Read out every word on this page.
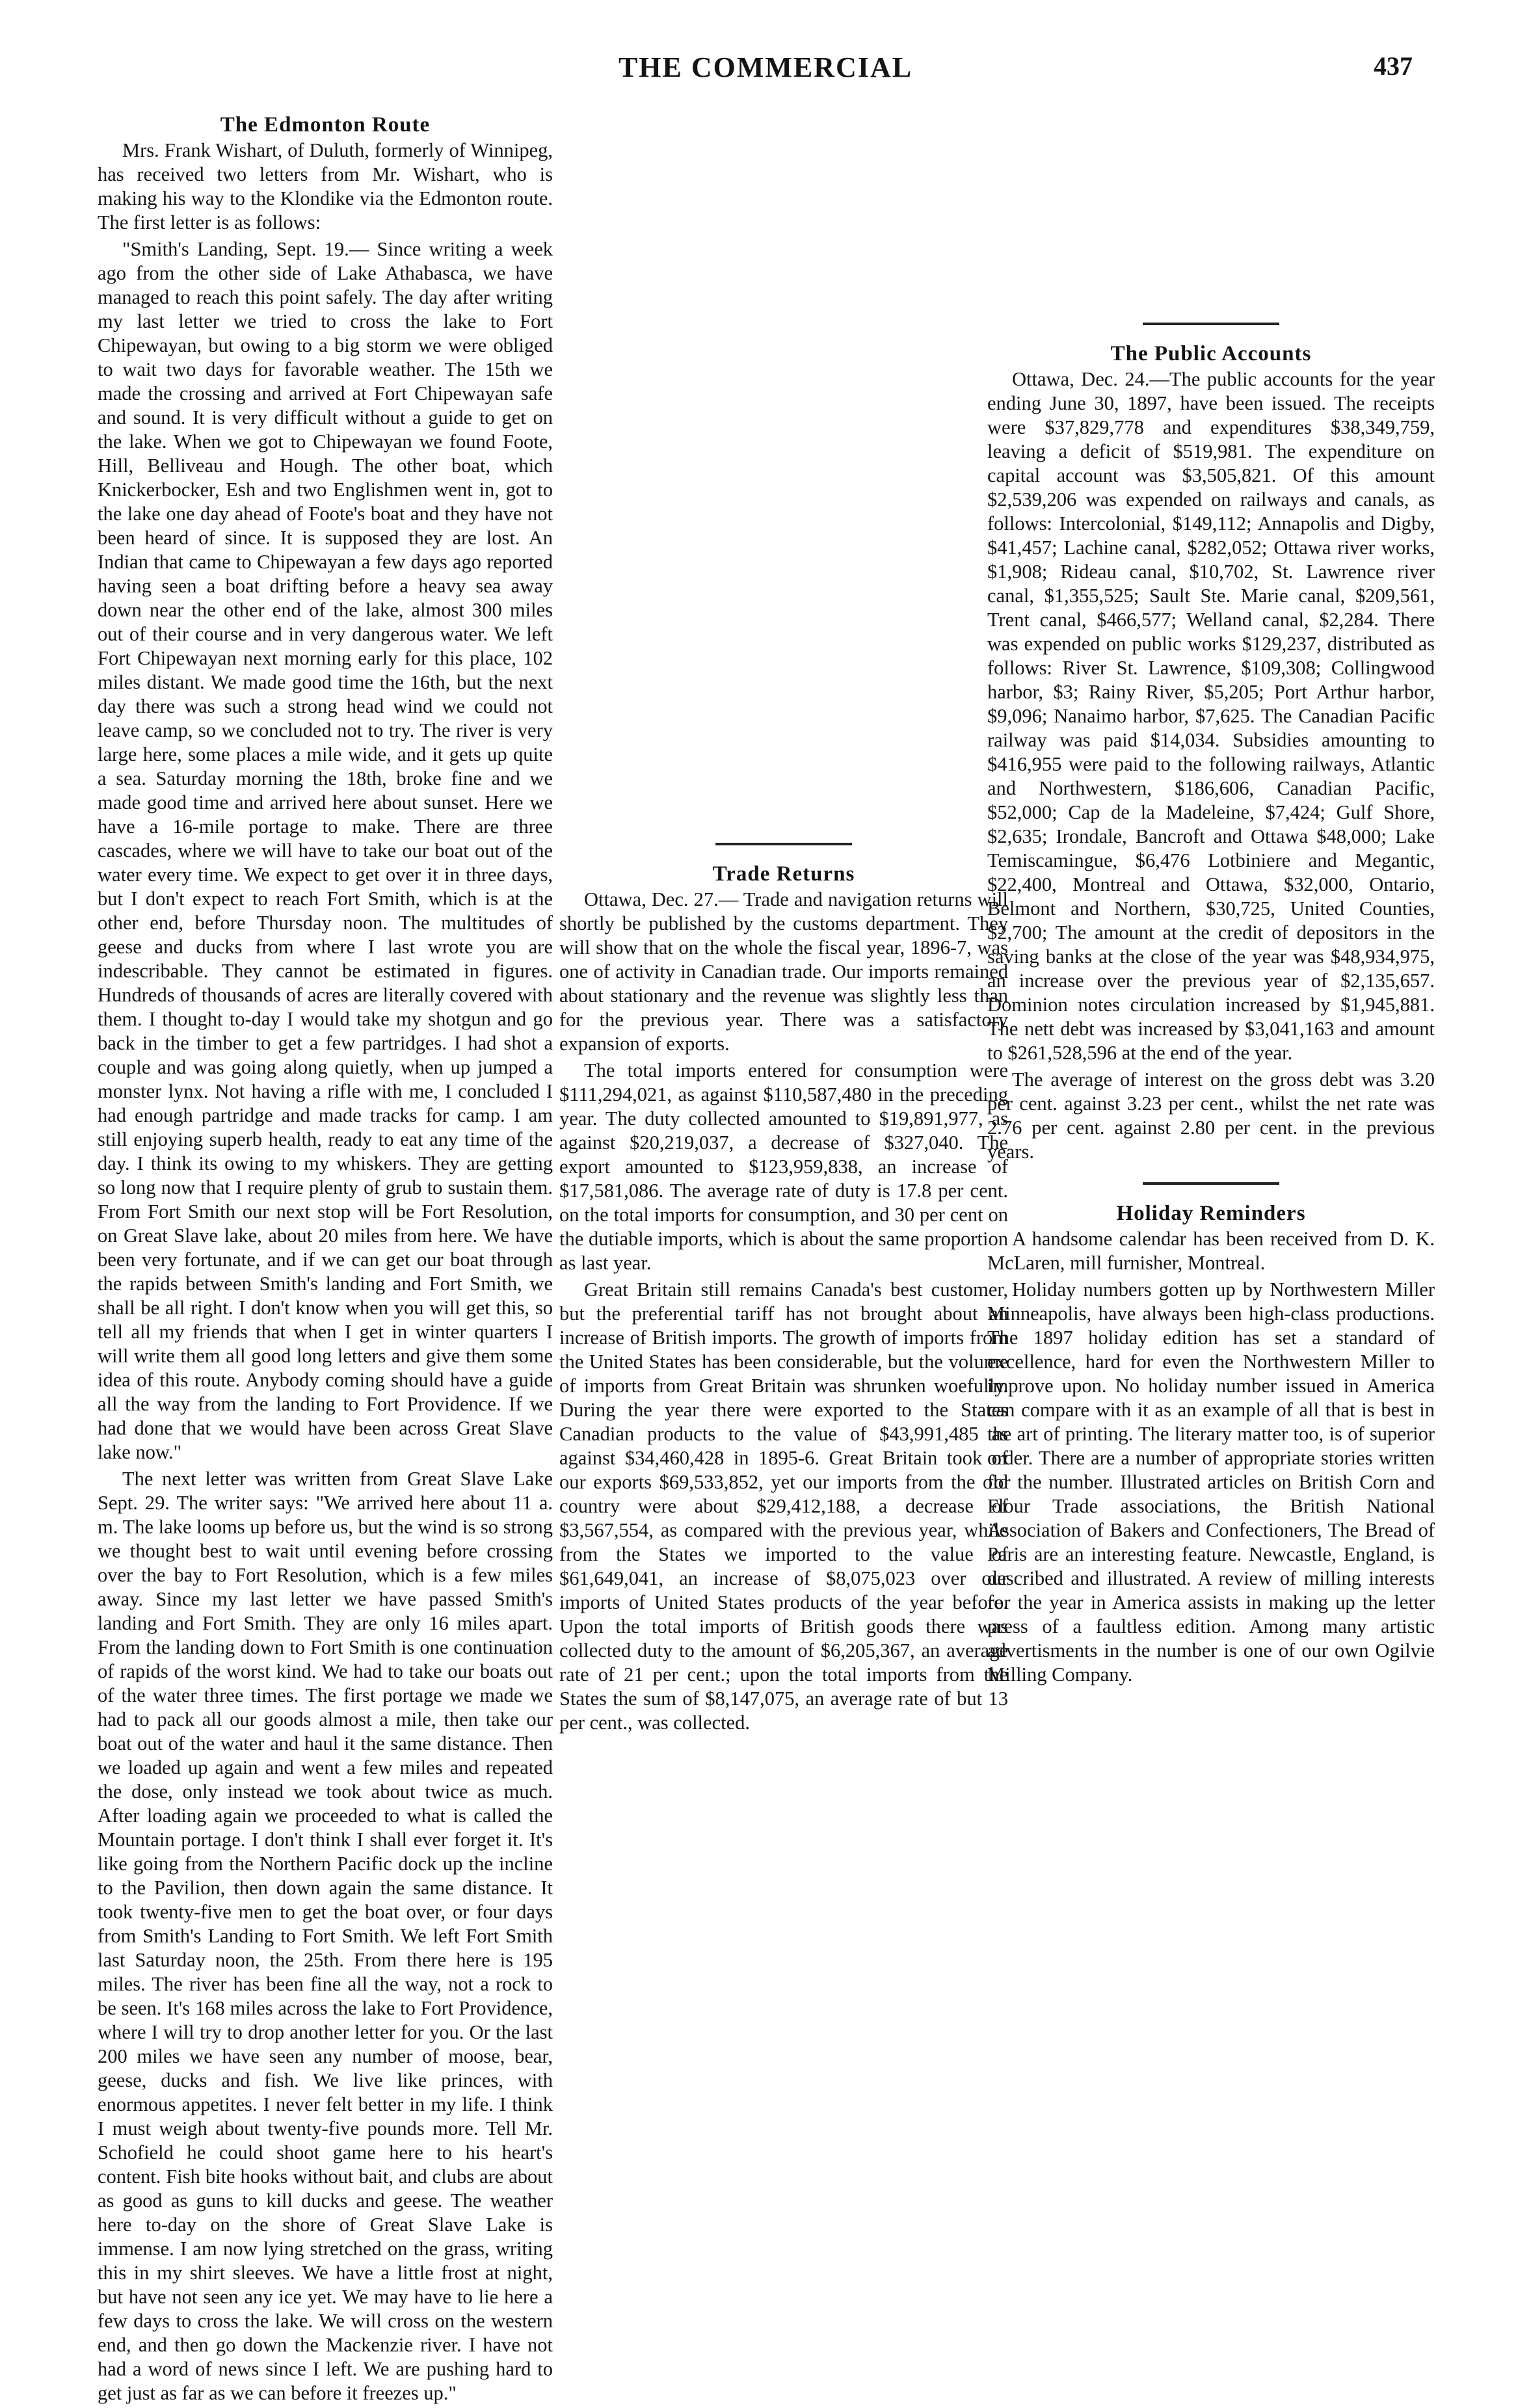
THE COMMERCIAL	437
The Edmonton Route

Mrs. Frank Wishart, of Duluth, formerly of Winnipeg, has received two letters from Mr. Wishart, who is making his way to the Klondike via the Edmonton route. The first letter is as follows:

"Smith's Landing, Sept. 19.— Since writing a week ago from the other side of Lake Athabasca, we have managed to reach this point safely. The day after writing my last letter we tried to cross the lake to Fort Chipewayan, but owing to a big storm we were obliged to wait two days for favorable weather. The 15th we made the crossing and arrived at Fort Chipewayan safe and sound. It is very difficult without a guide to get on the lake. When we got to Chipewayan we found Foote, Hill, Belliveau and Hough. The other boat, which Knickerbocker, Esh and two Englishmen went in, got to the lake one day ahead of Foote's boat and they have not been heard of since. It is supposed they are lost. An Indian that came to Chipewayan a few days ago reported having seen a boat drifting before a heavy sea away down near the other end of the lake, almost 300 miles out of their course and in very dangerous water. We left Fort Chipewayan next morning early for this place, 102 miles distant. We made good time the 16th, but the next day there was such a strong head wind we could not leave camp, so we concluded not to try. The river is very large here, some places a mile wide, and it gets up quite a sea. Saturday morning the 18th, broke fine and we made good time and arrived here about sunset. Here we have a 16-mile portage to make. There are three cascades, where we will have to take our boat out of the water every time. We expect to get over it in three days, but I don't expect to reach Fort Smith, which is at the other end, before Thursday noon. The multitudes of geese and ducks from where I last wrote you are indescribable. They cannot be estimated in figures. Hundreds of thousands of acres are literally covered with them. I thought to-day I would take my shotgun and go back in the timber to get a few partridges. I had shot a couple and was going along quietly, when up jumped a monster lynx. Not having a rifle with me, I concluded I had enough partridge and made tracks for camp. I am still enjoying superb health, ready to eat any time of the day. I think its owing to my whiskers. They are getting so long now that I require plenty of grub to sustain them. From Fort Smith our next stop will be Fort Resolution, on Great Slave lake, about 20 miles from here. We have been very fortunate, and if we can get our boat through the rapids between Smith's landing and Fort Smith, we shall be all right. I don't know when you will get this, so tell all my friends that when I get in winter quarters I will write them all good long letters and give them some idea of this route. Anybody coming should have a guide all the way from the landing to Fort Providence. If we had done that we would have been across Great Slave lake now."

The next letter was written from Great Slave Lake Sept. 29. The writer says: "We arrived here about 11 a. m. The lake looms up before us, but the wind is so strong we thought best to wait until evening before crossing over the bay to Fort Resolution, which is a few miles away. Since my last letter we have passed Smith's landing and Fort Smith. They are only 16 miles apart. From the landing down to Fort Smith is one continuation of rapids of the worst kind. We had to take our boats out of the water three times. The first portage we made we had to pack all our goods almost a mile, then take our boat out of the water and haul it the same distance. Then we loaded up again and went a few miles and repeated the dose, only instead we took about twice as much. After loading again we proceeded to what is called the Mountain portage. I don't think I shall ever forget it. It's like going from the Northern Pacific dock up the incline to the Pavilion, then down again the same distance. It took twenty-five men to get the boat over, or four days from Smith's Landing to Fort Smith. We left Fort Smith last Saturday noon, the 25th. From there here is 195 miles. The river has been fine all the way, not a rock to be seen. It's 168 miles across the lake to Fort Providence, where I will try to drop another letter for you. Or the last 200 miles we have seen any number of moose, bear, geese, ducks and fish. We live like princes, with enormous appetites. I never felt better in my life. I think I must weigh about twenty-five pounds more. Tell Mr. Schofield he could shoot game here to his heart's content. Fish bite hooks without bait, and clubs are about as good as guns to kill ducks and geese. The weather here to-day on the shore of Great Slave Lake is immense. I am now lying stretched on the grass, writing this in my shirt sleeves. We have a little frost at night, but have not seen any ice yet. We may have to lie here a few days to cross the lake. We will cross on the western end, and then go down the Mackenzie river. I have not had a word of news since I left. We are pushing hard to get just as far as we can before it freezes up."

Trade Returns

Ottawa, Dec. 27.— Trade and navigation returns will shortly be published by the customs department. They will show that on the whole the fiscal year, 1896-7, was one of activity in Canadian trade. Our imports remained about stationary and the revenue was slightly less than for the previous year. There was a satisfactory expansion of exports.

The total imports entered for consumption were $111,294,021, as against $110,587,480 in the preceding year. The duty collected amounted to $19,891,977, as against $20,219,037, a decrease of $327,040. The export amounted to $123,959,838, an increase of $17,581,086. The average rate of duty is 17.8 per cent. on the total imports for consumption, and 30 per cent on the dutiable imports, which is about the same proportion as last year.

Great Britain still remains Canada's best customer, but the preferential tariff has not brought about an increase of British imports. The growth of imports from the United States has been considerable, but the volume of imports from Great Britain was shrunken woefully. During the year there were exported to the States Canadian products to the value of $43,991,485 as against $34,460,428 in 1895-6. Great Britain took of our exports $69,533,852, yet our imports from the old country were about $29,412,188, a decrease of $3,567,554, as compared with the previous year, while from the States we imported to the value of $61,649,041, an increase of $8,075,023 over our imports of United States products of the year before. Upon the total imports of British goods there was collected duty to the amount of $6,205,367, an average rate of 21 per cent.; upon the total imports from the States the sum of $8,147,075, an average rate of but 13 per cent., was collected.

The Public Accounts

Ottawa, Dec. 24.—The public accounts for the year ending June 30, 1897, have been issued. The receipts were $37,829,778 and expenditures $38,349,759, leaving a deficit of $519,981. The expenditure on capital account was $3,505,821. Of this amount $2,539,206 was expended on railways and canals, as follows: Intercolonial, $149,112; Annapolis and Digby, $41,457; Lachine canal, $282,052; Ottawa river works, $1,908; Rideau canal, $10,702, St. Lawrence river canal, $1,355,525; Sault Ste. Marie canal, $209,561, Trent canal, $466,577; Welland canal, $2,284. There was expended on public works $129,237, distributed as follows: River St. Lawrence, $109,308; Collingwood harbor, $3; Rainy River, $5,205; Port Arthur harbor, $9,096; Nanaimo harbor, $7,625. The Canadian Pacific railway was paid $14,034. Subsidies amounting to $416,955 were paid to the following railways, Atlantic and Northwestern, $186,606, Canadian Pacific, $52,000; Cap de la Madeleine, $7,424; Gulf Shore, $2,635; Irondale, Bancroft and Ottawa $48,000; Lake Temiscamingue, $6,476 Lotbiniere and Megantic, $22,400, Montreal and Ottawa, $32,000, Ontario, Belmont and Northern, $30,725, United Counties, $2,700; The amount at the credit of depositors in the saving banks at the close of the year was $48,934,975, an increase over the previous year of $2,135,657. Dominion notes circulation increased by $1,945,881. The nett debt was increased by $3,041,163 and amount to $261,528,596 at the end of the year.

The average of interest on the gross debt was 3.20 per cent. against 3.23 per cent., whilst the net rate was 2.76 per cent. against 2.80 per cent. in the previous years.

Holiday Reminders

A handsome calendar has been received from D. K. McLaren, mill furnisher, Montreal.

Holiday numbers gotten up by Northwestern Miller Minneapolis, have always been high-class productions. The 1897 holiday edition has set a standard of excellence, hard for even the Northwestern Miller to improve upon. No holiday number issued in America can compare with it as an example of all that is best in the art of printing. The literary matter too, is of superior order. There are a number of appropriate stories written for the number. Illustrated articles on British Corn and Flour Trade associations, the British National Association of Bakers and Confectioners, The Bread of Paris are an interesting feature. Newcastle, England, is described and illustrated. A review of milling interests for the year in America assists in making up the letter press of a faultless edition. Among many artistic advertisments in the number is one of our own Ogilvie Milling Company.
